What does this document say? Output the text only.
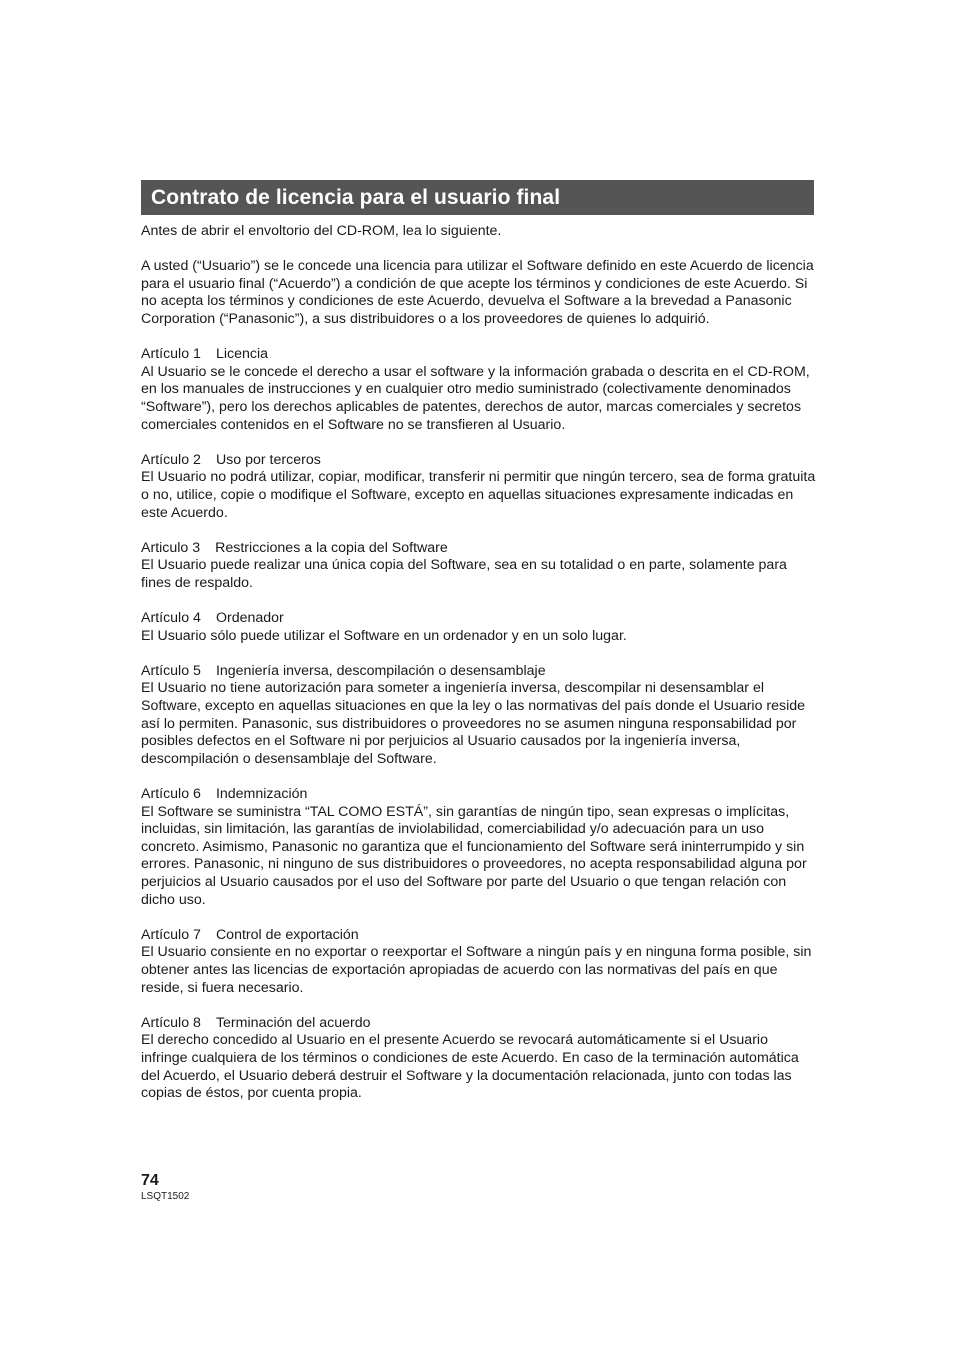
Contrato de licencia para el usuario final

Antes de abrir el envoltorio del CD-ROM, lea lo siguiente.

A usted (“Usuario”) se le concede una licencia para utilizar el Software definido en este Acuerdo de licencia para el usuario final (“Acuerdo”) a condición de que acepte los términos y condiciones de este Acuerdo. Si no acepta los términos y condiciones de este Acuerdo, devuelva el Software a la brevedad a Panasonic Corporation (“Panasonic”), a sus distribuidores o a los proveedores de quienes lo adquirió.

Artículo 1 Licencia

Al Usuario se le concede el derecho a usar el software y la información grabada o descrita en el CD-ROM, en los manuales de instrucciones y en cualquier otro medio suministrado (colectivamente denominados “Software”), pero los derechos aplicables de patentes, derechos de autor, marcas comerciales y secretos comerciales contenidos en el Software no se transfieren al Usuario.

Artículo 2 Uso por terceros

El Usuario no podrá utilizar, copiar, modificar, transferir ni permitir que ningún tercero, sea de forma gratuita o no, utilice, copie o modifique el Software, excepto en aquellas situaciones expresamente indicadas en este Acuerdo.

Articulo 3 Restricciones a la copia del Software

El Usuario puede realizar una única copia del Software, sea en su totalidad o en parte, solamente para fines de respaldo.

Artículo 4 Ordenador

El Usuario sólo puede utilizar el Software en un ordenador y en un solo lugar.

Artículo 5 Ingeniería inversa, descompilación o desensamblaje

El Usuario no tiene autorización para someter a ingeniería inversa, descompilar ni desensamblar el Software, excepto en aquellas situaciones en que la ley o las normativas del país donde el Usuario reside así lo permiten. Panasonic, sus distribuidores o proveedores no se asumen ninguna responsabilidad por posibles defectos en el Software ni por perjuicios al Usuario causados por la ingeniería inversa, descompilación o desensamblaje del Software.

Artículo 6 Indemnización

El Software se suministra “TAL COMO ESTÁ”, sin garantías de ningún tipo, sean expresas o implícitas, incluidas, sin limitación, las garantías de inviolabilidad, comerciabilidad y/o adecuación para un uso concreto. Asimismo, Panasonic no garantiza que el funcionamiento del Software será ininterrumpido y sin errores. Panasonic, ni ninguno de sus distribuidores o proveedores, no acepta responsabilidad alguna por perjuicios al Usuario causados por el uso del Software por parte del Usuario o que tengan relación con dicho uso.

Artículo 7 Control de exportación

El Usuario consiente en no exportar o reexportar el Software a ningún país y en ninguna forma posible, sin obtener antes las licencias de exportación apropiadas de acuerdo con las normativas del país en que reside, si fuera necesario.

Artículo 8 Terminación del acuerdo

El derecho concedido al Usuario en el presente Acuerdo se revocará automáticamente si el Usuario infringe cualquiera de los términos o condiciones de este Acuerdo. En caso de la terminación automática del Acuerdo, el Usuario deberá destruir el Software y la documentación relacionada, junto con todas las copias de éstos, por cuenta propia.

74
LSQT1502
